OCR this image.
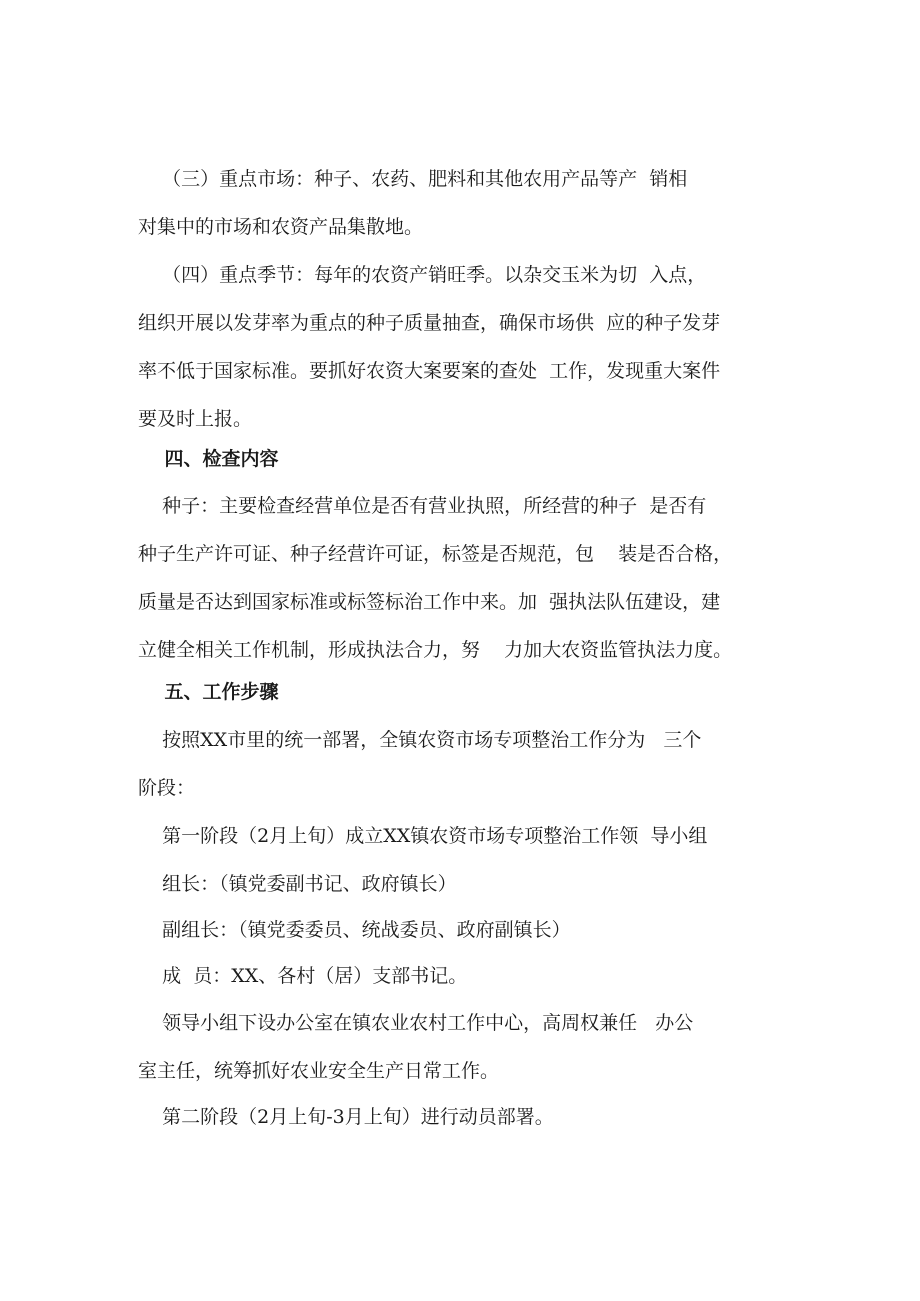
（三）重点市场：种子、农药、肥料和其他农用产品等产  销相
对集中的市场和农资产品集散地。
（四）重点季节：每年的农资产销旺季。以杂交玉米为切  入点，
组织开展以发芽率为重点的种子质量抽查，确保市场供  应的种子发芽
率不低于国家标准。要抓好农资大案要案的查处  工作，发现重大案件
要及时上报。
四、检查内容
种子：主要检查经营单位是否有营业执照，所经营的种子  是否有
种子生产许可证、种子经营许可证，标签是否规范，包    装是否合格，
质量是否达到国家标准或标签标治工作中来。加  强执法队伍建设，建
立健全相关工作机制，形成执法合力，努    力加大农资监管执法力度。
五、工作步骤
按照XX市里的统一部署，全镇农资市场专项整治工作分为   三个
阶段：
第一阶段（2月上旬）成立XX镇农资市场专项整治工作领  导小组
组长：（镇党委副书记、政府镇长）
副组长：（镇党委委员、统战委员、政府副镇长）
成  员：XX、各村（居）支部书记。
领导小组下设办公室在镇农业农村工作中心，高周权兼任   办公
室主任，统筹抓好农业安全生产日常工作。
第二阶段（2月上旬-3月上旬）进行动员部署。
